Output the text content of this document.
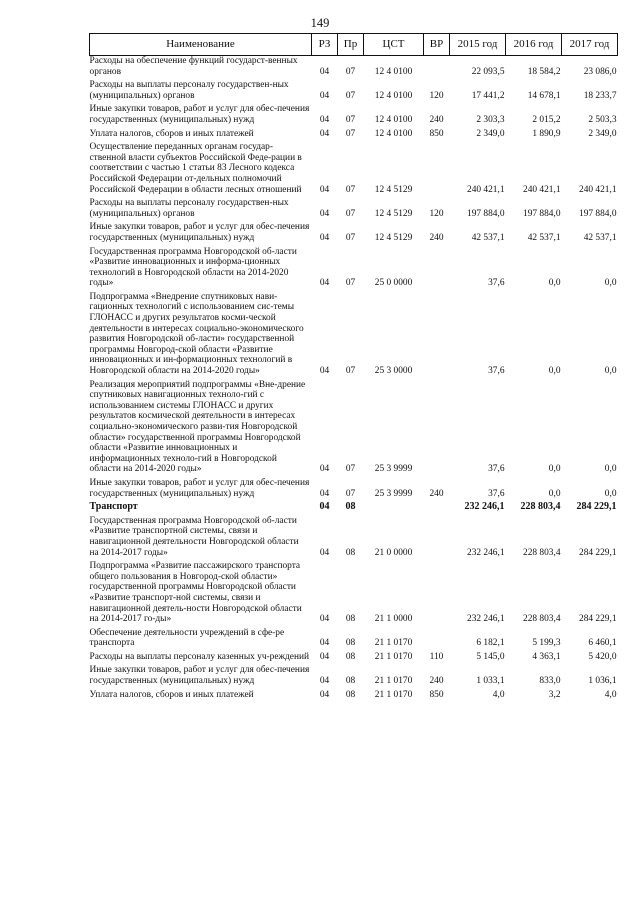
149
Наименование	РЗ	Пр	ЦСТ	ВР	2015 год	2016 год	2017 год
Расходы на обеспечение функций государст-венных органов	04	07	12 4 0100		22 093,5	18 584,2	23 086,0
Расходы на выплаты персоналу государствен-ных (муниципальных) органов	04	07	12 4 0100	120	17 441,2	14 678,1	18 233,7
Иные закупки товаров, работ и услуг для обес-печения государственных (муниципальных) нужд	04	07	12 4 0100	240	2 303,3	2 015,2	2 503,3
Уплата налогов, сборов и иных платежей	04	07	12 4 0100	850	2 349,0	1 890,9	2 349,0
Осуществление переданных органам государ-ственной власти субъектов Российской Феде-рации в соответствии с частью 1 статьи 83 Лесного кодекса Российской Федерации от-дельных полномочий Российской Федерации в области лесных отношений	04	07	12 4 5129		240 421,1	240 421,1	240 421,1
Расходы на выплаты персоналу государствен-ных (муниципальных) органов	04	07	12 4 5129	120	197 884,0	197 884,0	197 884,0
Иные закупки товаров, работ и услуг для обес-печения государственных (муниципальных) нужд	04	07	12 4 5129	240	42 537,1	42 537,1	42 537,1
Государственная программа Новгородской об-ласти «Развитие инновационных и информа-ционных технологий в Новгородской области на 2014-2020 годы»	04	07	25 0 0000		37,6	0,0	0,0
Подпрограмма «Внедрение спутниковых нави-гационных технологий с использованием сис-темы ГЛОНАСС и других результатов косми-ческой деятельности в интересах социально-экономического развития Новгородской об-ласти» государственной программы Новгород-ской области «Развитие инновационных и ин-формационных технологий в Новгородской области на 2014-2020 годы»	04	07	25 3 0000		37,6	0,0	0,0
Реализация мероприятий подпрограммы «Вне-дрение спутниковых навигационных техноло-гий с использованием системы ГЛОНАСС и других результатов космической деятельности в интересах социально-экономического разви-тия Новгородской области» государственной программы Новгородской области «Развитие инновационных и информационных техноло-гий в Новгородской области на 2014-2020 годы»	04	07	25 3 9999		37,6	0,0	0,0
Иные закупки товаров, работ и услуг для обес-печения государственных (муниципальных) нужд	04	07	25 3 9999	240	37,6	0,0	0,0
Транспорт	04	08			232 246,1	228 803,4	284 229,1
Государственная программа Новгородской об-ласти «Развитие транспортной системы, связи и навигационной деятельности Новгородской области на 2014-2017 годы»	04	08	21 0 0000		232 246,1	228 803,4	284 229,1
Подпрограмма «Развитие пассажирского транспорта общего пользования в Новгород-ской области» государственной программы Новгородской области «Развитие транспорт-ной системы, связи и навигационной деятель-ности Новгородской области на 2014-2017 го-ды»	04	08	21 1 0000		232 246,1	228 803,4	284 229,1
Обеспечение деятельности учреждений в сфе-ре транспорта	04	08	21 1 0170		6 182,1	5 199,3	6 460,1
Расходы на выплаты персоналу казенных уч-реждений	04	08	21 1 0170	110	5 145,0	4 363,1	5 420,0
Иные закупки товаров, работ и услуг для обес-печения государственных (муниципальных) нужд	04	08	21 1 0170	240	1 033,1	833,0	1 036,1
Уплата налогов, сборов и иных платежей	04	08	21 1 0170	850	4,0	3,2	4,0
